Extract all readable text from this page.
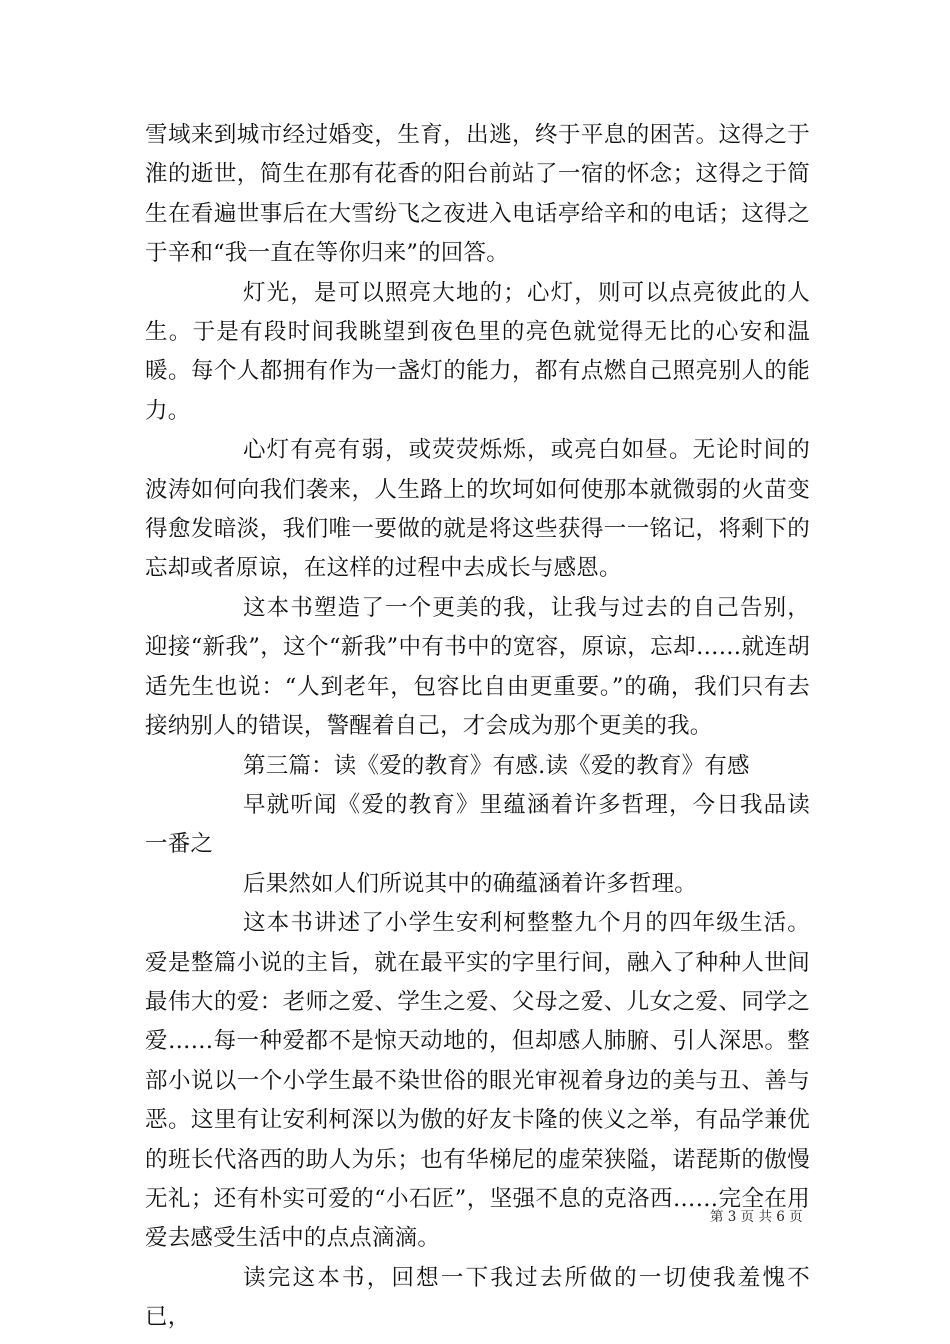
雪域来到城市经过婚变，生育，出逃，终于平息的困苦。这得之于淮的逝世，简生在那有花香的阳台前站了一宿的怀念；这得之于简生在看遍世事后在大雪纷飞之夜进入电话亭给辛和的电话；这得之于辛和“我一直在等你归来”的回答。

灯光，是可以照亮大地的；心灯，则可以点亮彼此的人生。于是有段时间我眺望到夜色里的亮色就觉得无比的心安和温暖。每个人都拥有作为一盏灯的能力，都有点燃自己照亮别人的能力。

心灯有亮有弱，或荧荧烁烁，或亮白如昼。无论时间的波涛如何向我们袭来，人生路上的坎坷如何使那本就微弱的火苗变得愈发暗淡，我们唯一要做的就是将这些获得一一铭记，将剩下的忘却或者原谅，在这样的过程中去成长与感恩。

这本书塑造了一个更美的我，让我与过去的自己告别，迎接“新我”，这个“新我”中有书中的宽容，原谅，忘却……就连胡适先生也说：“人到老年，包容比自由更重要。”的确，我们只有去接纳别人的错误，警醒着自己，才会成为那个更美的我。

第三篇：读《爱的教育》有感.读《爱的教育》有感

早就听闻《爱的教育》里蕴涵着许多哲理，今日我品读一番之

后果然如人们所说其中的确蕴涵着许多哲理。

这本书讲述了小学生安利柯整整九个月的四年级生活。爱是整篇小说的主旨，就在最平实的字里行间，融入了种种人世间最伟大的爱：老师之爱、学生之爱、父母之爱、儿女之爱、同学之爱……每一种爱都不是惊天动地的，但却感人肺腑、引人深思。整部小说以一个小学生最不染世俗的眼光审视着身边的美与丑、善与恶。这里有让安利柯深以为傲的好友卡隆的侠义之举，有品学兼优的班长代洛西的助人为乐；也有华梯尼的虚荣狭隘，诺琵斯的傲慢无礼；还有朴实可爱的“小石匠”，坚强不息的克洛西……完全在用爱去感受生活中的点点滴滴。

读完这本书，回想一下我过去所做的一切使我羞愧不已，

第 3 页 共 6 页
